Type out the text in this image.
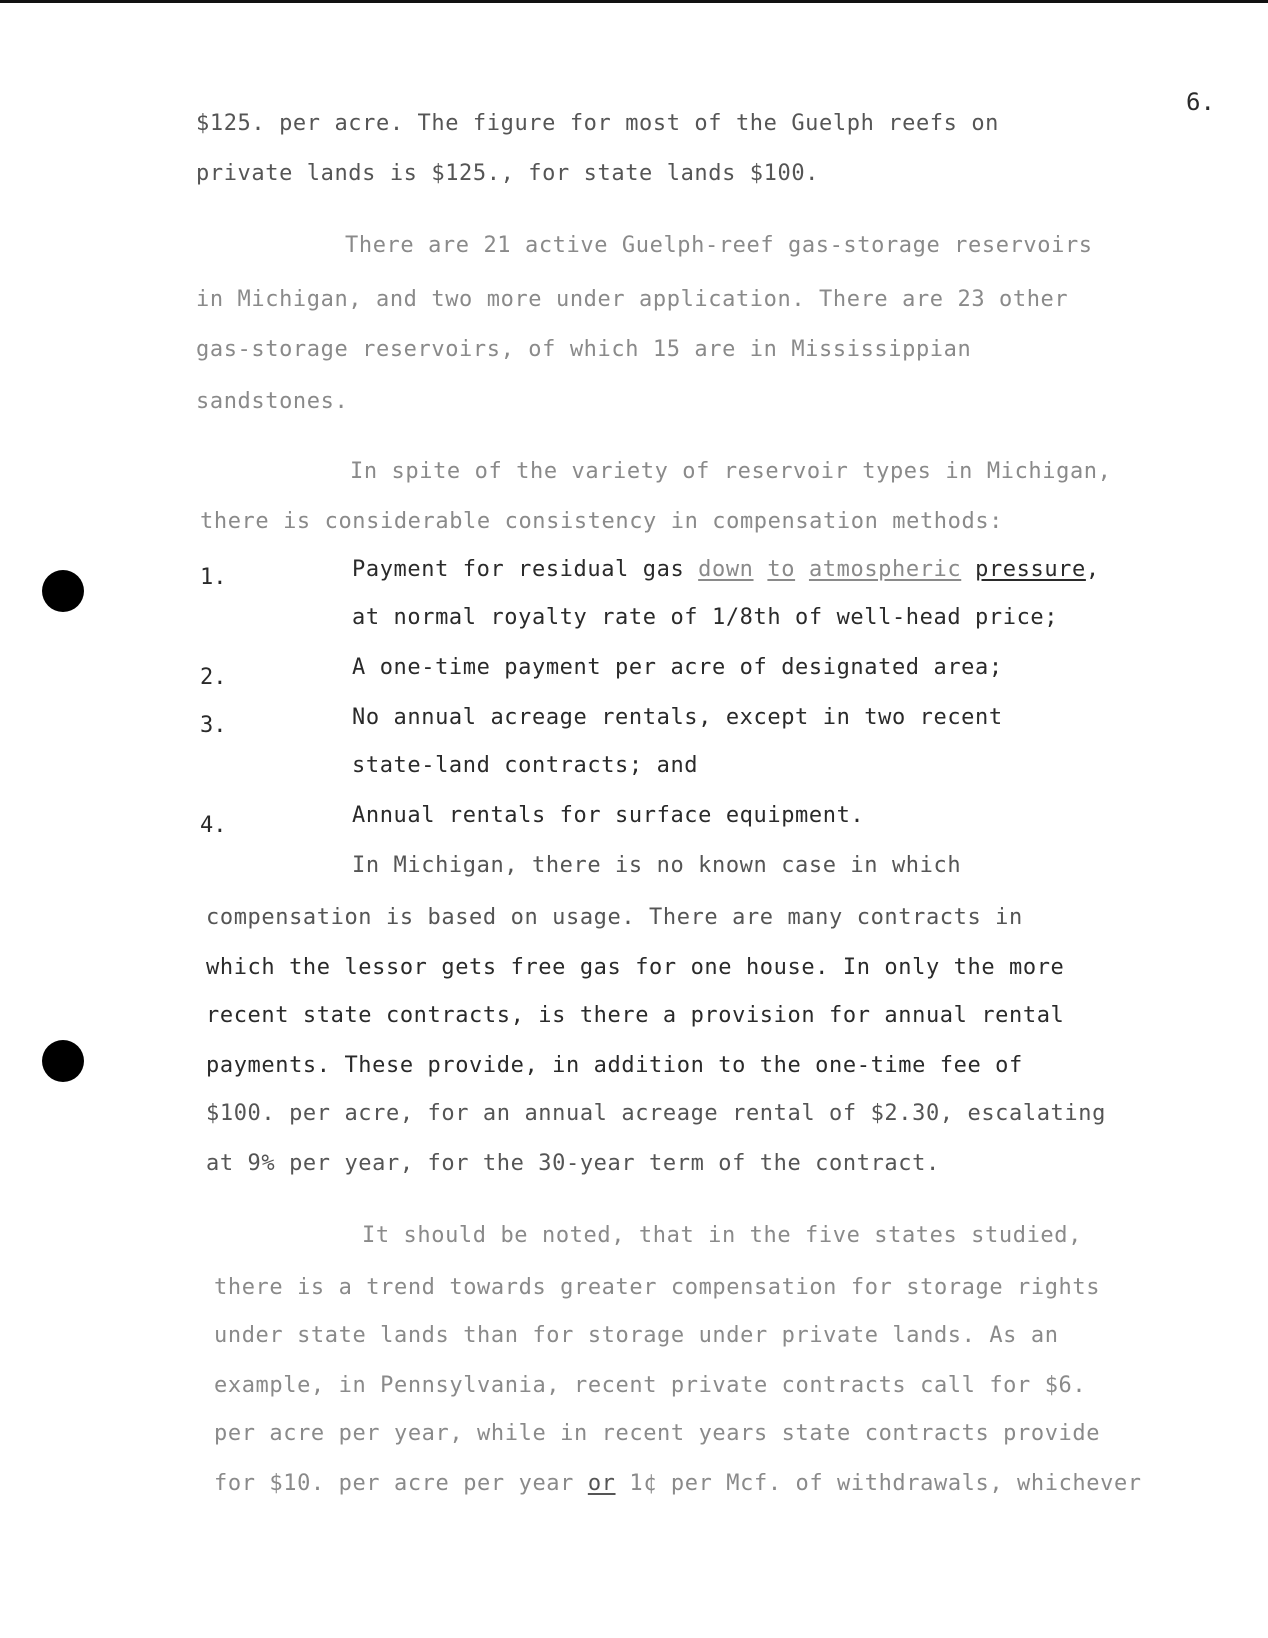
6.
$125. per acre. The figure for most of the Guelph reefs on
private lands is $125., for state lands $100.
There are 21 active Guelph-reef gas-storage reservoirs
in Michigan, and two more under application. There are 23 other
gas-storage reservoirs, of which 15 are in Mississippian
sandstones.
In spite of the variety of reservoir types in Michigan,
there is considerable consistency in compensation methods:
1.	Payment for residual gas down to atmospheric pressure,
at normal royalty rate of 1/8th of well-head price;
2.	A one-time payment per acre of designated area;
3.	No annual acreage rentals, except in two recent
state-land contracts; and
4.	Annual rentals for surface equipment.
In Michigan, there is no known case in which
compensation is based on usage. There are many contracts in
which the lessor gets free gas for one house. In only the more
recent state contracts, is there a provision for annual rental
payments. These provide, in addition to the one-time fee of
$100. per acre, for an annual acreage rental of $2.30, escalating
at 9% per year, for the 30-year term of the contract.
It should be noted, that in the five states studied,
there is a trend towards greater compensation for storage rights
under state lands than for storage under private lands. As an
example, in Pennsylvania, recent private contracts call for $6.
per acre per year, while in recent years state contracts provide
for $10. per acre per year or 1¢ per Mcf. of withdrawals, whichever
